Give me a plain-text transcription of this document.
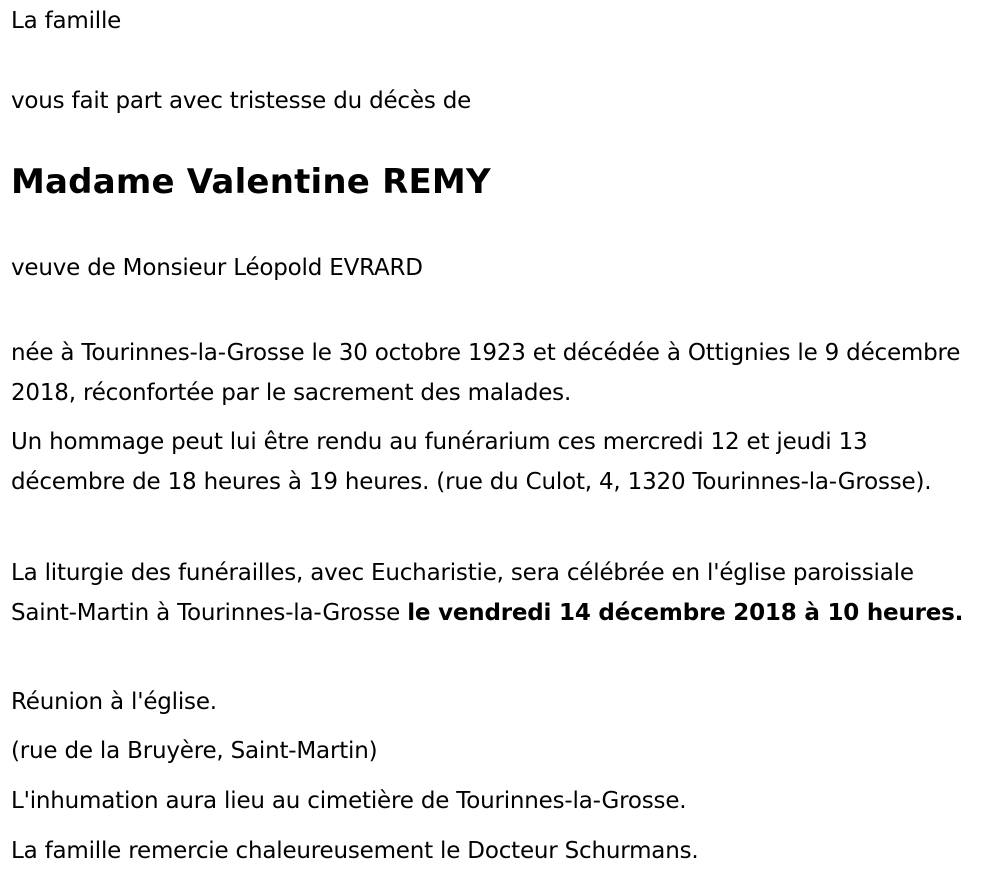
La famille

vous fait part avec tristesse du décès de

Madame Valentine REMY

veuve de Monsieur Léopold EVRARD

née à Tourinnes-la-Grosse le 30 octobre 1923 et décédée à Ottignies le 9 décembre 2018, réconfortée par le sacrement des malades.

Un hommage peut lui être rendu au funérarium ces mercredi 12 et jeudi 13 décembre de 18 heures à 19 heures. (rue du Culot, 4, 1320 Tourinnes-la-Grosse).

La liturgie des funérailles, avec Eucharistie, sera célébrée en l'église paroissiale Saint-Martin à Tourinnes-la-Grosse le vendredi 14 décembre 2018 à 10 heures.

Réunion à l'église.

(rue de la Bruyère, Saint-Martin)

L'inhumation aura lieu au cimetière de Tourinnes-la-Grosse.

La famille remercie chaleureusement le Docteur Schurmans.
